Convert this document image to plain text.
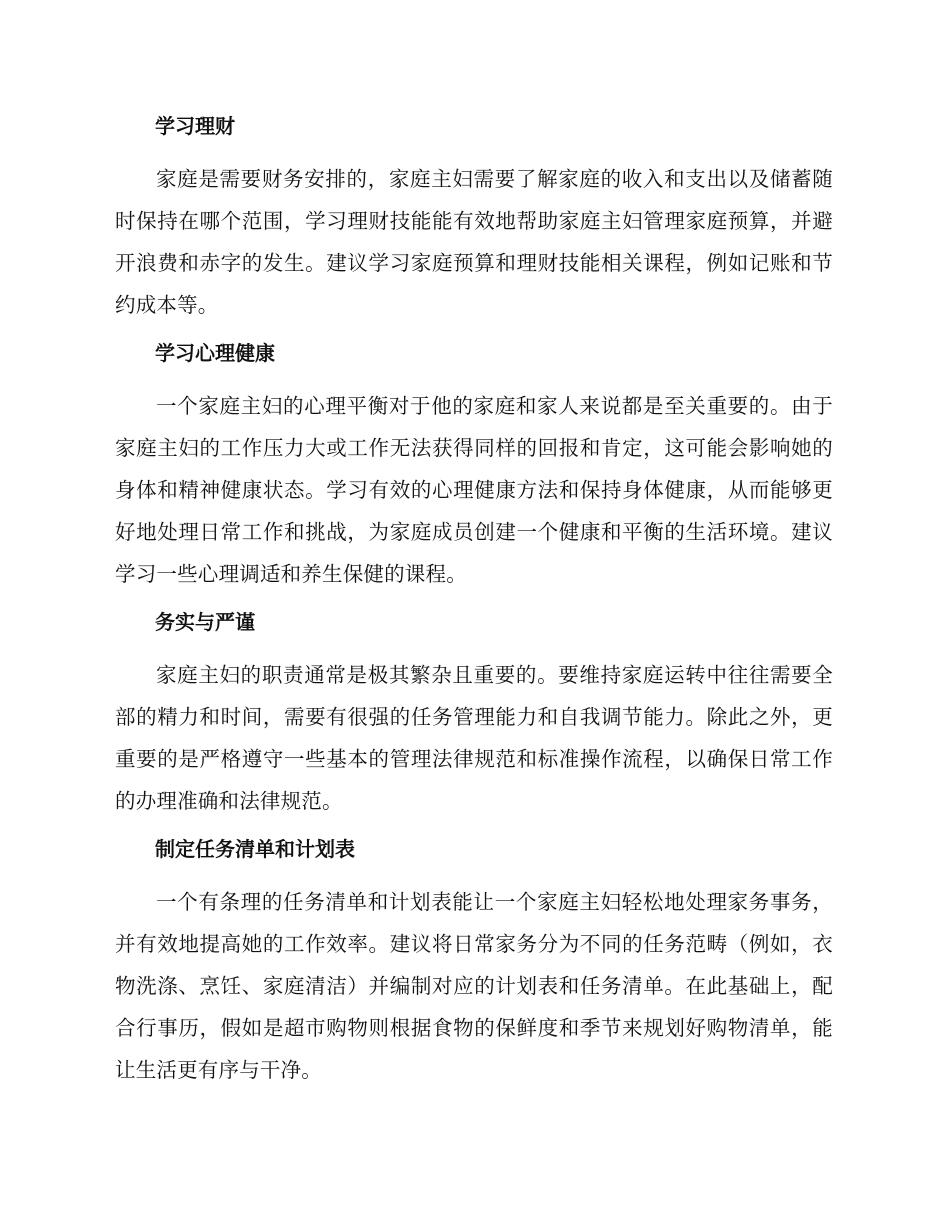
学习理财

家庭是需要财务安排的，家庭主妇需要了解家庭的收入和支出以及储蓄随时保持在哪个范围，学习理财技能能有效地帮助家庭主妇管理家庭预算，并避开浪费和赤字的发生。建议学习家庭预算和理财技能相关课程，例如记账和节约成本等。

学习心理健康

一个家庭主妇的心理平衡对于他的家庭和家人来说都是至关重要的。由于家庭主妇的工作压力大或工作无法获得同样的回报和肯定，这可能会影响她的身体和精神健康状态。学习有效的心理健康方法和保持身体健康，从而能够更好地处理日常工作和挑战，为家庭成员创建一个健康和平衡的生活环境。建议学习一些心理调适和养生保健的课程。

务实与严谨

家庭主妇的职责通常是极其繁杂且重要的。要维持家庭运转中往往需要全部的精力和时间，需要有很强的任务管理能力和自我调节能力。除此之外，更重要的是严格遵守一些基本的管理法律规范和标准操作流程，以确保日常工作的办理准确和法律规范。

制定任务清单和计划表

一个有条理的任务清单和计划表能让一个家庭主妇轻松地处理家务事务，并有效地提高她的工作效率。建议将日常家务分为不同的任务范畴（例如，衣物洗涤、烹饪、家庭清洁）并编制对应的计划表和任务清单。在此基础上，配合行事历，假如是超市购物则根据食物的保鲜度和季节来规划好购物清单，能让生活更有序与干净。
